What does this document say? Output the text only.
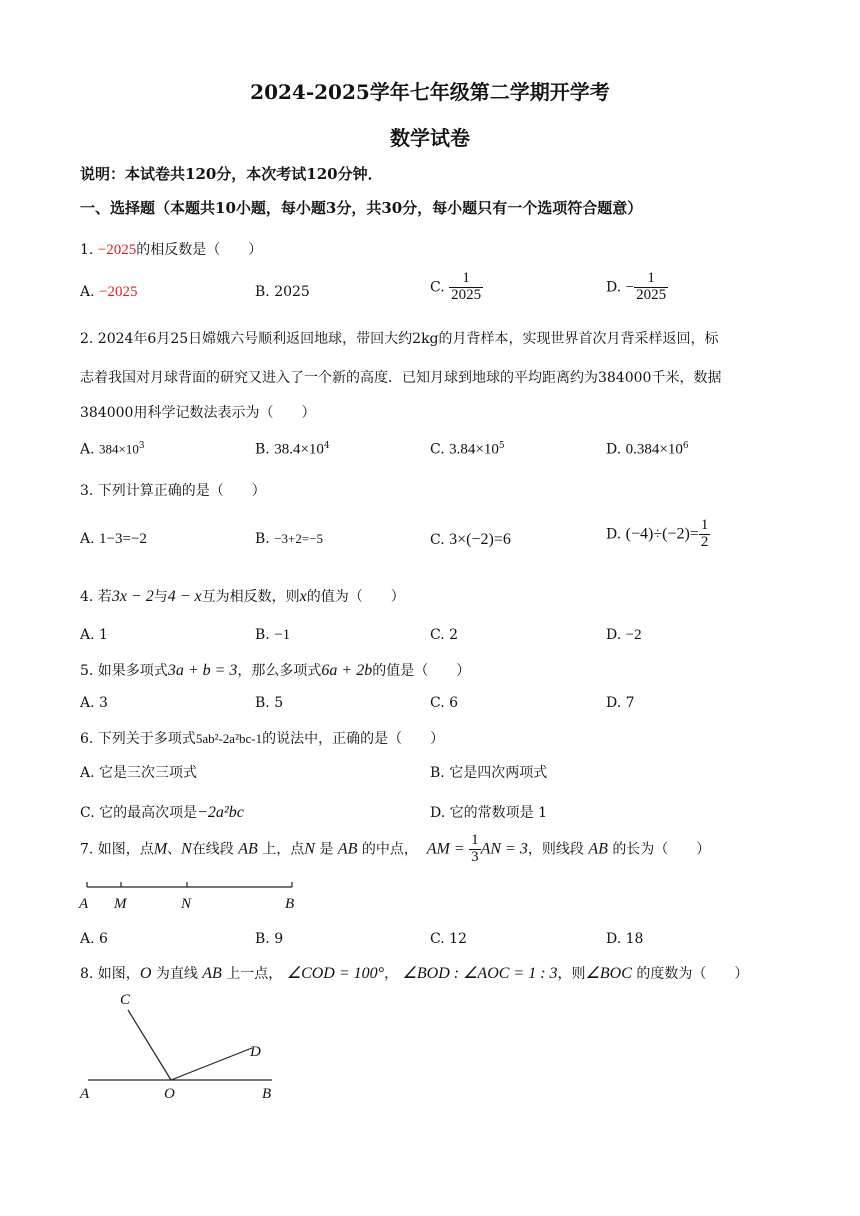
2024-2025学年七年级第二学期开学考
数学试卷
说明：本试卷共120分，本次考试120分钟．
一、选择题（本题共10小题，每小题3分，共30分，每小题只有一个选项符合题意）
1. −2025的相反数是（　　）
A. −2025	B. 2025	C. $\frac{1}{2025}$	D. − $\frac{1}{2025}$
2. 2024年6月25日嫦娥六号顺利返回地球，带回大约2kg的月背样本，实现世界首次月背采样返回，标
志着我国对月球背面的研究又进入了一个新的高度．已知月球到地球的平均距离约为384000千米，数据
384000用科学记数法表示为（　　）
A. $384\times 10^3$	B. $38.4\times 10^4$	C. $3.84\times 10^5$	D. $0.384\times 10^6$
3. 下列计算正确的是（　　）
A. 1−3=−2	B. −3+2=−5	C. 3×(−2)=6	D. $(-4)\div(-2)= \frac{1}{2}$
4. 若3x − 2与4 − x互为相反数，则x的值为（　　）
A. 1	B. −1	C. 2	D. −2
5. 如果多项式3a + b = 3，那么多项式6a + 2b的值是（　　）
A. 3	B. 5	C. 6	D. 7
6. 下列关于多项式5ab²-2a²bc-1的说法中，正确的是（　　）
A. 它是三次三项式	B. 它是四次两项式
C. 它的最高次项是−2a²bc	D. 它的常数项是 1
7. 如图，点M、N在线段 AB 上，点N 是 AB 的中点， AM = $\frac{1}{3}$ AN = 3，则线段 AB 的长为（　　）
A M	N	B
A. 6	B. 9	C. 12	D. 18
8. 如图，O 为直线 AB 上一点， ∠COD = 100°， ∠BOD : ∠AOC = 1 : 3，则∠BOC 的度数为（　　）
C
D
A	O	B
